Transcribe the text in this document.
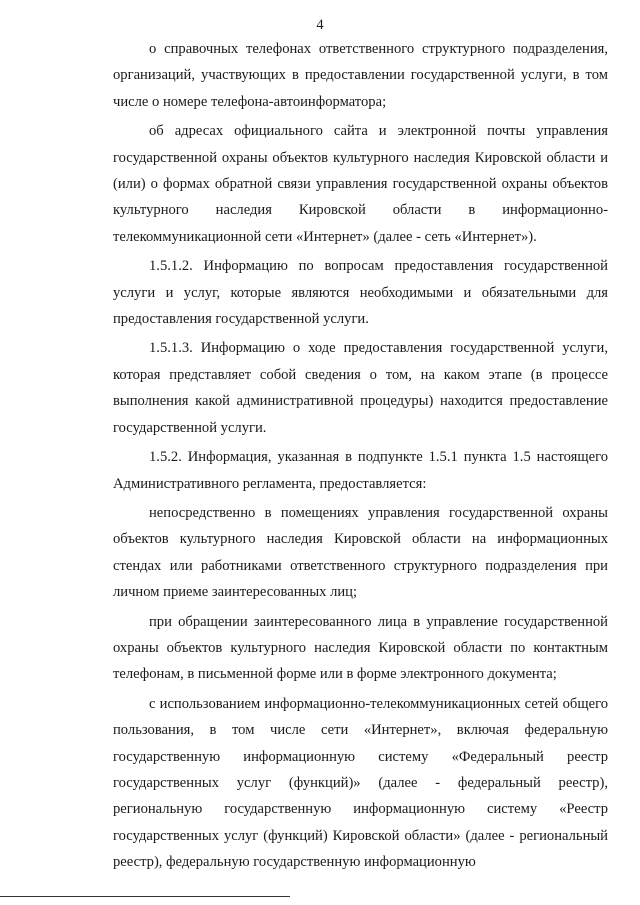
4

о справочных телефонах ответственного структурного подразделения, организаций, участвующих в предоставлении государственной услуги, в том числе о номере телефона-автоинформатора;

об адресах официального сайта и электронной почты управления государственной охраны объектов культурного наследия Кировской области и (или) о формах обратной связи управления государственной охраны объектов культурного наследия Кировской области в информационно-телекоммуникационной сети «Интернет» (далее - сеть «Интернет»).

1.5.1.2. Информацию по вопросам предоставления государственной услуги и услуг, которые являются необходимыми и обязательными для предоставления государственной услуги.

1.5.1.3. Информацию о ходе предоставления государственной услуги, которая представляет собой сведения о том, на каком этапе (в процессе выполнения какой административной процедуры) находится предоставление государственной услуги.

1.5.2. Информация, указанная в подпункте 1.5.1 пункта 1.5 настоящего Административного регламента, предоставляется:

непосредственно в помещениях управления государственной охраны объектов культурного наследия Кировской области на информационных стендах или работниками ответственного структурного подразделения при личном приеме заинтересованных лиц;

при обращении заинтересованного лица в управление государственной охраны объектов культурного наследия Кировской области по контактным телефонам, в письменной форме или в форме электронного документа;

с использованием информационно-телекоммуникационных сетей общего пользования, в том числе сети «Интернет», включая федеральную государственную информационную систему «Федеральный реестр государственных услуг (функций)» (далее - федеральный реестр), региональную государственную информационную систему «Реестр государственных услуг (функций) Кировской области» (далее - региональный реестр), федеральную государственную информационную
